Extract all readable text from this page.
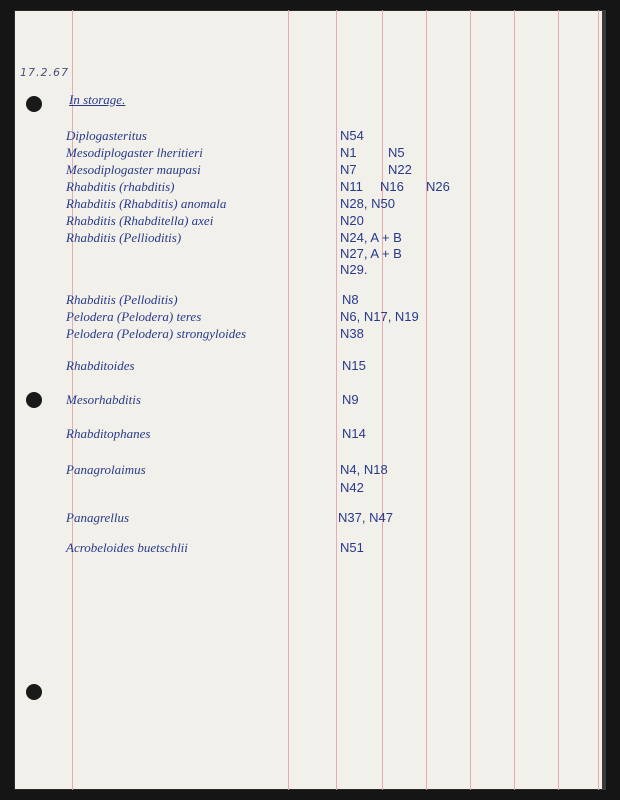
17.2.67
In storage.
Diplogasteritus	N54
Mesodiplogaster lheritieri	N1 N5
Mesodiplogaster maupasi	N7 N22
Rhabditis (rhabditis)	N11 N16 N26
Rhabditis (Rhabditis) anomala	N28, N50
Rhabditis (Rhabditella) axei	N20
Rhabditis (Pellioditis)	N24, A + B
N27, A + B
N29.
Rhabditis (Pelloditis)	N8
Pelodera (Pelodera) teres	N6, N17, N19
Pelodera (Pelodera) strongyloides	N38
Rhabditoides	N15
Mesorhabditis	N9
Rhabditophanes	N14
Panagrolaimus	N4, N18
N42
Panagrellus	N37, N47
Acrobeloides buetschlii	N51
